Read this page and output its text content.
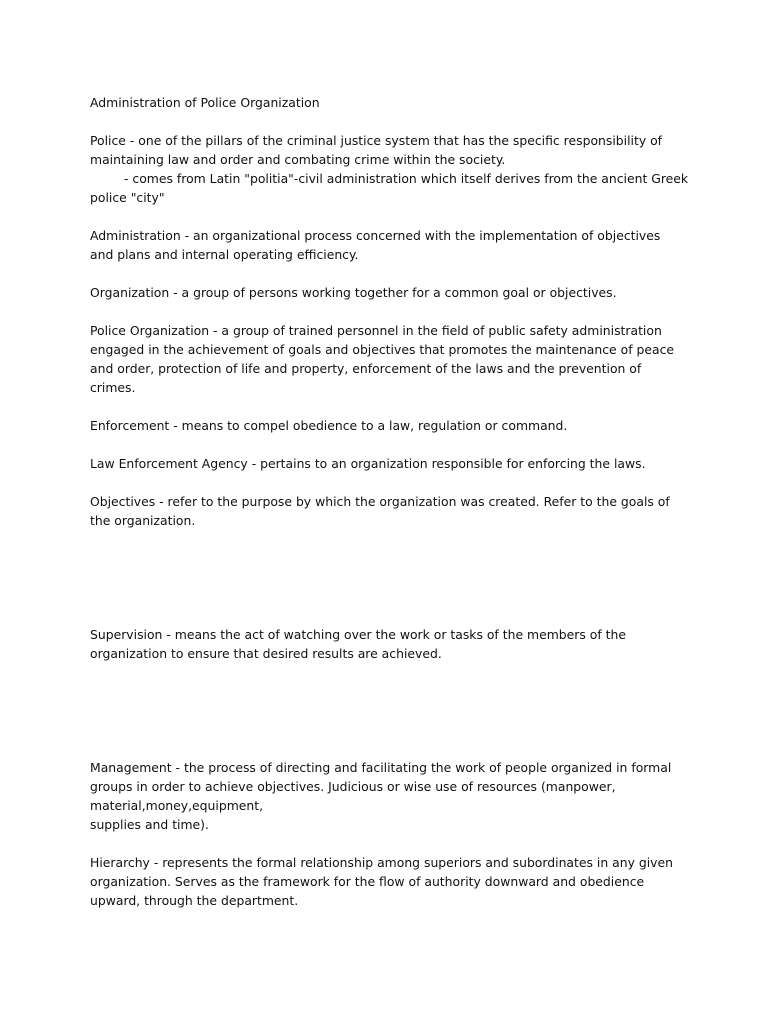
Administration of Police Organization

Police - one of the pillars of the criminal justice system that has the specific responsibility of

maintaining law and order and combating crime within the society.

- comes from Latin "politia"-civil administration which itself derives from the ancient Greek

police "city"

Administration - an organizational process concerned with the implementation of objectives

and plans and internal operating efficiency.

Organization - a group of persons working together for a common goal or objectives.

Police Organization - a group of trained personnel in the field of public safety administration

engaged in the achievement of goals and objectives that promotes the maintenance of peace

and order, protection of life and property, enforcement of the laws and the prevention of

crimes.

Enforcement - means to compel obedience to a law, regulation or command.

Law Enforcement Agency - pertains to an organization responsible for enforcing the laws.

Objectives - refer to the purpose by which the organization was created. Refer to the goals of

the organization.

Supervision - means the act of watching over the work or tasks of the members of the

organization to ensure that desired results are achieved.

Management - the process of directing and facilitating the work of people organized in formal

groups in order to achieve objectives. Judicious or wise use of resources (manpower,

material,money,equipment,

supplies and time).

Hierarchy - represents the formal relationship among superiors and subordinates in any given

organization. Serves as the framework for the flow of authority downward and obedience

upward, through the department.
